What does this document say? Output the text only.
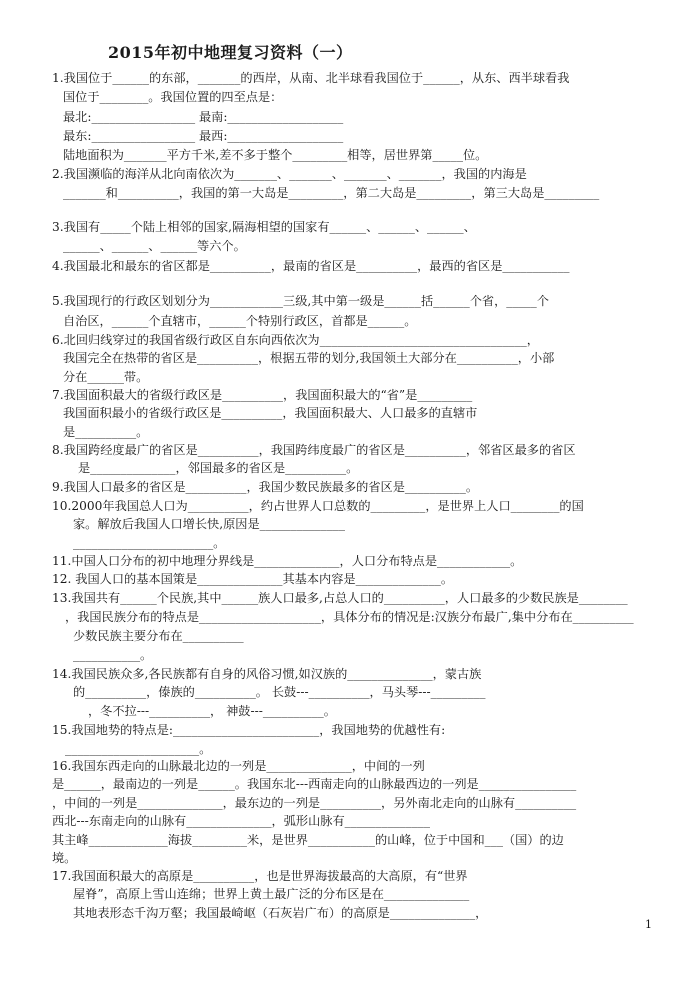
2015年初中地理复习资料（一）
1.我国位于______的东部，_______的西岸，从南、北半球看我国位于______，从东、西半球看我
国位于________。我国位置的四至点是：
最北:_________________ 最南:___________________
最东:_________________ 最西:___________________
陆地面积为_______平方千米,差不多于整个_________相等，居世界第_____位。
2.我国濒临的海洋从北向南依次为_______、_______、_______、_______，我国的内海是
_______和__________，我国的第一大岛是_________，第二大岛是_________，第三大岛是_________
3.我国有_____个陆上相邻的国家,隔海相望的国家有______、______、______、
______、______、______等六个。
4.我国最北和最东的省区都是__________，最南的省区是__________，最西的省区是___________
5.我国现行的行政区划划分为____________三级,其中第一级是______括______个省，_____个
自治区，______个直辖市，______个特别行政区，首都是______。
6.北回归线穿过的我国省级行政区自东向西依次为__________________________________，
我国完全在热带的省区是__________，根据五带的划分,我国领土大部分在__________，小部
分在______带。
7.我国面积最大的省级行政区是__________，我国面积最大的“省”是_________
我国面积最小的省级行政区是__________，我国面积最大、人口最多的直辖市
是__________。
8.我国跨经度最广的省区是__________，我国跨纬度最广的省区是__________，邻省区最多的省区
是______________，邻国最多的省区是__________。
9.我国人口最多的省区是__________，我国少数民族最多的省区是__________。
10.2000年我国总人口为__________，约占世界人口总数的_________，是世界上人口________的国
家。解放后我国人口增长快,原因是______________
_______________________。
11.中国人口分布的初中地理分界线是______________，人口分布特点是____________。
12. 我国人口的基本国策是______________其基本内容是______________。
13.我国共有______个民族,其中______族人口最多,占总人口的__________，人口最多的少数民族是________
，我国民族分布的特点是____________________，具体分布的情况是:汉族分布最广,集中分布在__________
少数民族主要分布在__________
___________。
14.我国民族众多,各民族都有自身的风俗习惯,如汉族的______________，蒙古族
的__________，傣族的__________。 长鼓---__________，马头琴---_________
，冬不拉---__________， 神鼓---__________。
15.我国地势的特点是:________________________，我国地势的优越性有:
______________________。
16.我国东西走向的山脉最北边的一列是______________，中间的一列
是______，最南边的一列是______。我国东北---西南走向的山脉最西边的一列是________________
，中间的一列是______________，最东边的一列是__________，另外南北走向的山脉有__________
西北---东南走向的山脉有______________，弧形山脉有______________
其主峰_____________海拔_________米，是世界___________的山峰，位于中国和___（国）的边
境。
17.我国面积最大的高原是__________，也是世界海拔最高的大高原，有“世界
屋脊”，高原上雪山连绵；世界上黄土最广泛的分布区是在______________
其地表形态千沟万壑；我国最崎岖（石灰岩广布）的高原是______________，
1
